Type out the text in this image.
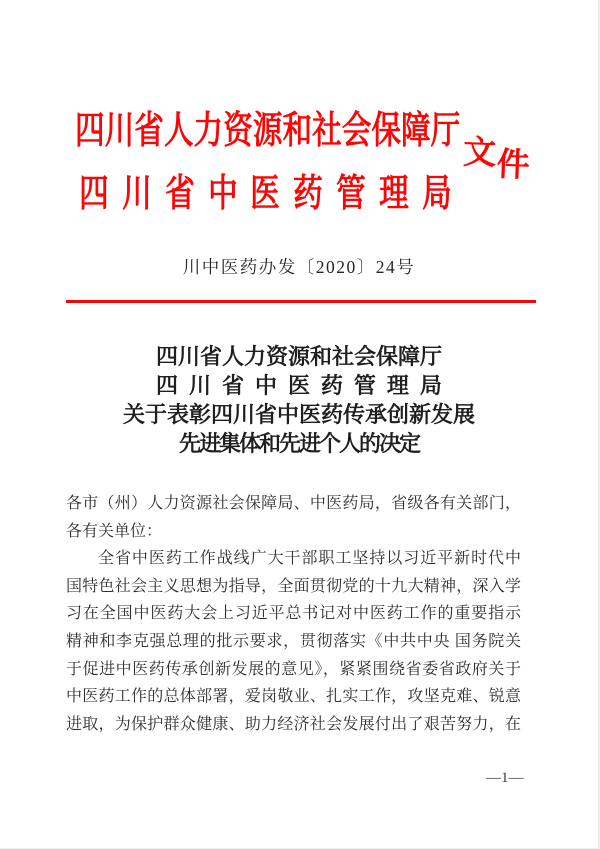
四川省人力资源和社会保障厅
文 件
四 川 省 中 医 药 管 理 局
川中医药办发〔2020〕24号
四川省人力资源和社会保障厅
四 川 省 中 医 药 管 理 局
关于表彰四川省中医药传承创新发展
先进集体和先进个人的决定
各市（州）人力资源社会保障局、中医药局，省级各有关部门，
各有关单位：
全省中医药工作战线广大干部职工坚持以习近平新时代中
国特色社会主义思想为指导，全面贯彻党的十九大精神，深入学
习在全国中医药大会上习近平总书记对中医药工作的重要指示
精神和李克强总理的批示要求，贯彻落实《中共中央 国务院关
于促进中医药传承创新发展的意见》，紧紧围绕省委省政府关于
中医药工作的总体部署，爱岗敬业、扎实工作，攻坚克难、锐意
进取，为保护群众健康、助力经济社会发展付出了艰苦努力，在
—1—
